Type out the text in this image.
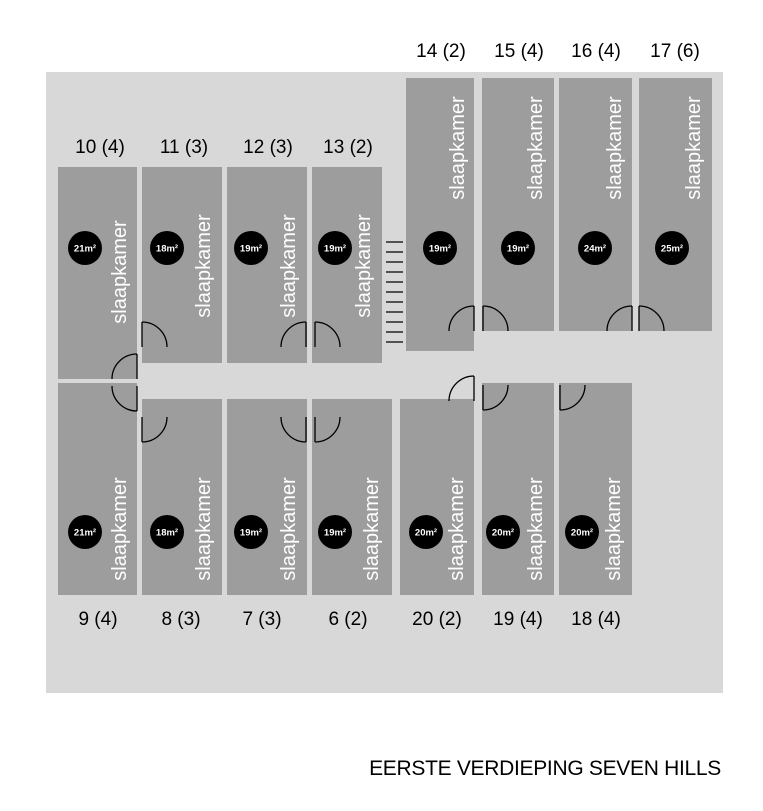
slaapkamer
21m²	slaapkamer
18m²	slaapkamer
19m²	slaapkamer
19m²
slaapkamer
19m²
slaapkamer
19m²
slaapkamer
24m²
slaapkamer
25m²
slaapkamer
21m²	slaapkamer
18m²	slaapkamer
19m²	slaapkamer
19m²	slaapkamer
20m²	slaapkamer
20m²	slaapkamer
20m²
10 (4) 11 (3) 12 (3) 13 (2)
14 (2) 15 (4) 16 (4) 17 (6)
9 (4) 8 (3) 7 (3) 6 (2) 20 (2) 19 (4) 18 (4)
EERSTE VERDIEPING SEVEN HILLS
